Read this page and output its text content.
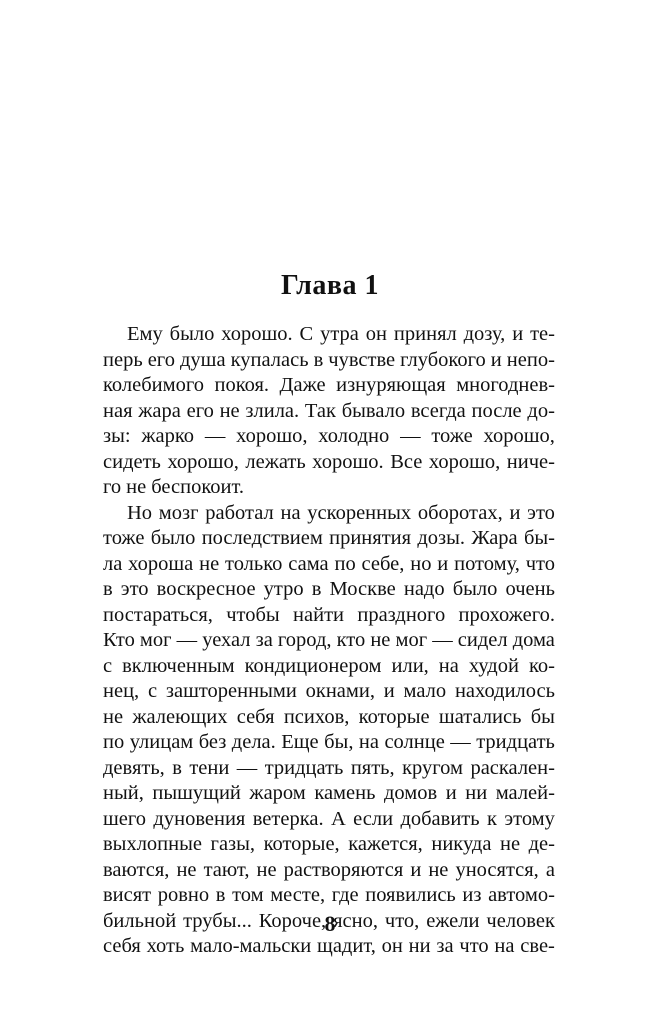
Глава 1
Ему было хорошо. С утра он принял дозу, и те-
перь его душа купалась в чувстве глубокого и непо-
колебимого покоя. Даже изнуряющая многоднев-
ная жара его не злила. Так бывало всегда после до-
зы: жарко — хорошо, холодно — тоже хорошо,
сидеть хорошо, лежать хорошо. Все хорошо, ниче-
го не беспокоит.
Но мозг работал на ускоренных оборотах, и это
тоже было последствием принятия дозы. Жара бы-
ла хороша не только сама по себе, но и потому, что
в это воскресное утро в Москве надо было очень
постараться, чтобы найти праздного прохожего.
Кто мог — уехал за город, кто не мог — сидел дома
с включенным кондиционером или, на худой ко-
нец, с зашторенными окнами, и мало находилось
не жалеющих себя психов, которые шатались бы
по улицам без дела. Еще бы, на солнце — тридцать
девять, в тени — тридцать пять, кругом раскален-
ный, пышущий жаром камень домов и ни малей-
шего дуновения ветерка. А если добавить к этому
выхлопные газы, которые, кажется, никуда не де-
ваются, не тают, не растворяются и не уносятся, а
висят ровно в том месте, где появились из автомо-
бильной трубы... Короче, ясно, что, ежели человек
себя хоть мало-мальски щадит, он ни за что на све-
8
